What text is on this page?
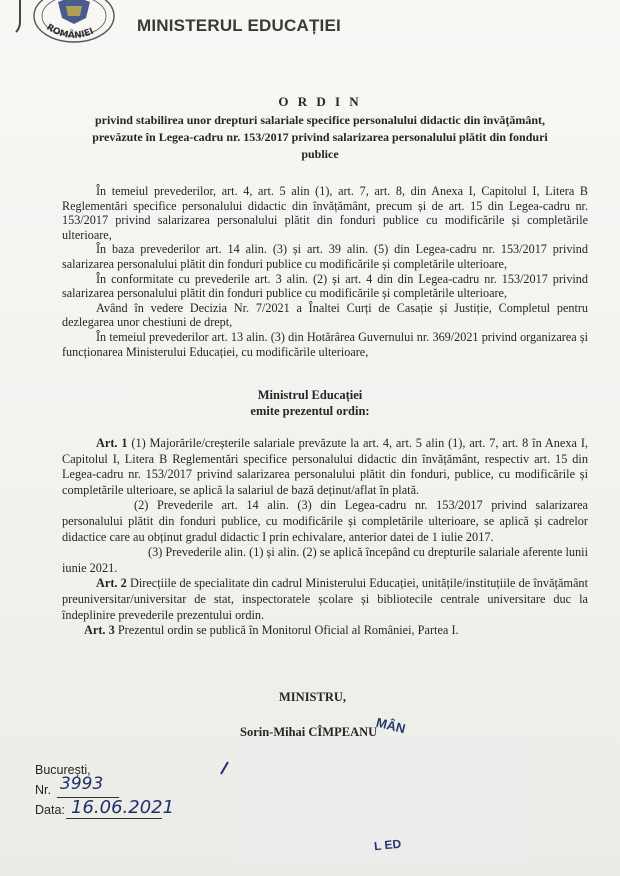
ROMÂNIEI MINISTERUL EDUCAȚIEI
O R D I N
privind stabilirea unor drepturi salariale specifice personalului didactic din învățământ,
prevăzute în Legea-cadru nr. 153/2017 privind salarizarea personalului plătit din fonduri
publice

În temeiul prevederilor, art. 4, art. 5 alin (1), art. 7, art. 8, din Anexa I, Capitolul I, Litera B Reglementări specifice personalului didactic din învățământ, precum și de art. 15 din Legea-cadru nr. 153/2017 privind salarizarea personalului plătit din fonduri publice cu modificările și completările ulterioare,

În baza prevederilor art. 14 alin. (3) și art. 39 alin. (5) din Legea-cadru nr. 153/2017 privind salarizarea personalului plătit din fonduri publice cu modificările și completările ulterioare,

În conformitate cu prevederile art. 3 alin. (2) și art. 4 din din Legea-cadru nr. 153/2017 privind salarizarea personalului plătit din fonduri publice cu modificările și completările ulterioare,

Având în vedere Decizia Nr. 7/2021 a Înaltei Curți de Casație și Justiție, Completul pentru dezlegarea unor chestiuni de drept,

În temeiul prevederilor art. 13 alin. (3) din Hotărârea Guvernului nr. 369/2021 privind organizarea și funcționarea Ministerului Educației, cu modificările ulterioare,

Ministrul Educației
emite prezentul ordin:

Art. 1 (1) Majorările/creșterile salariale prevăzute la art. 4, art. 5 alin (1), art. 7, art. 8 în Anexa I, Capitolul I, Litera B Reglementări specifice personalului didactic din învățământ, respectiv art. 15 din Legea-cadru nr. 153/2017 privind salarizarea personalului plătit din fonduri, publice, cu modificările și completările ulterioare, se aplică la salariul de bază deținut/aflat în plată.

(2) Prevederile art. 14 alin. (3) din Legea-cadru nr. 153/2017 privind salarizarea personalului plătit din fonduri publice, cu modificările și completările ulterioare, se aplică și cadrelor didactice care au obținut gradul didactic I prin echivalare, anterior datei de 1 iulie 2017.

(3) Prevederile alin. (1) și alin. (2) se aplică începând cu drepturile salariale aferente lunii iunie 2021.

Art. 2 Direcțiile de specialitate din cadrul Ministerului Educației, unitățile/instituțiile de învățământ preuniversitar/universitar de stat, inspectoratele școlare și bibliotecile centrale universitare duc la îndeplinire prevederile prezentului ordin.

Art. 3 Prezentul ordin se publică în Monitorul Oficial al României, Partea I.

MINISTRU,
Sorin-Mihai CÎMPEANU
MÂN
L ED
București,
Nr. 3993
Data: 16.06.2021
